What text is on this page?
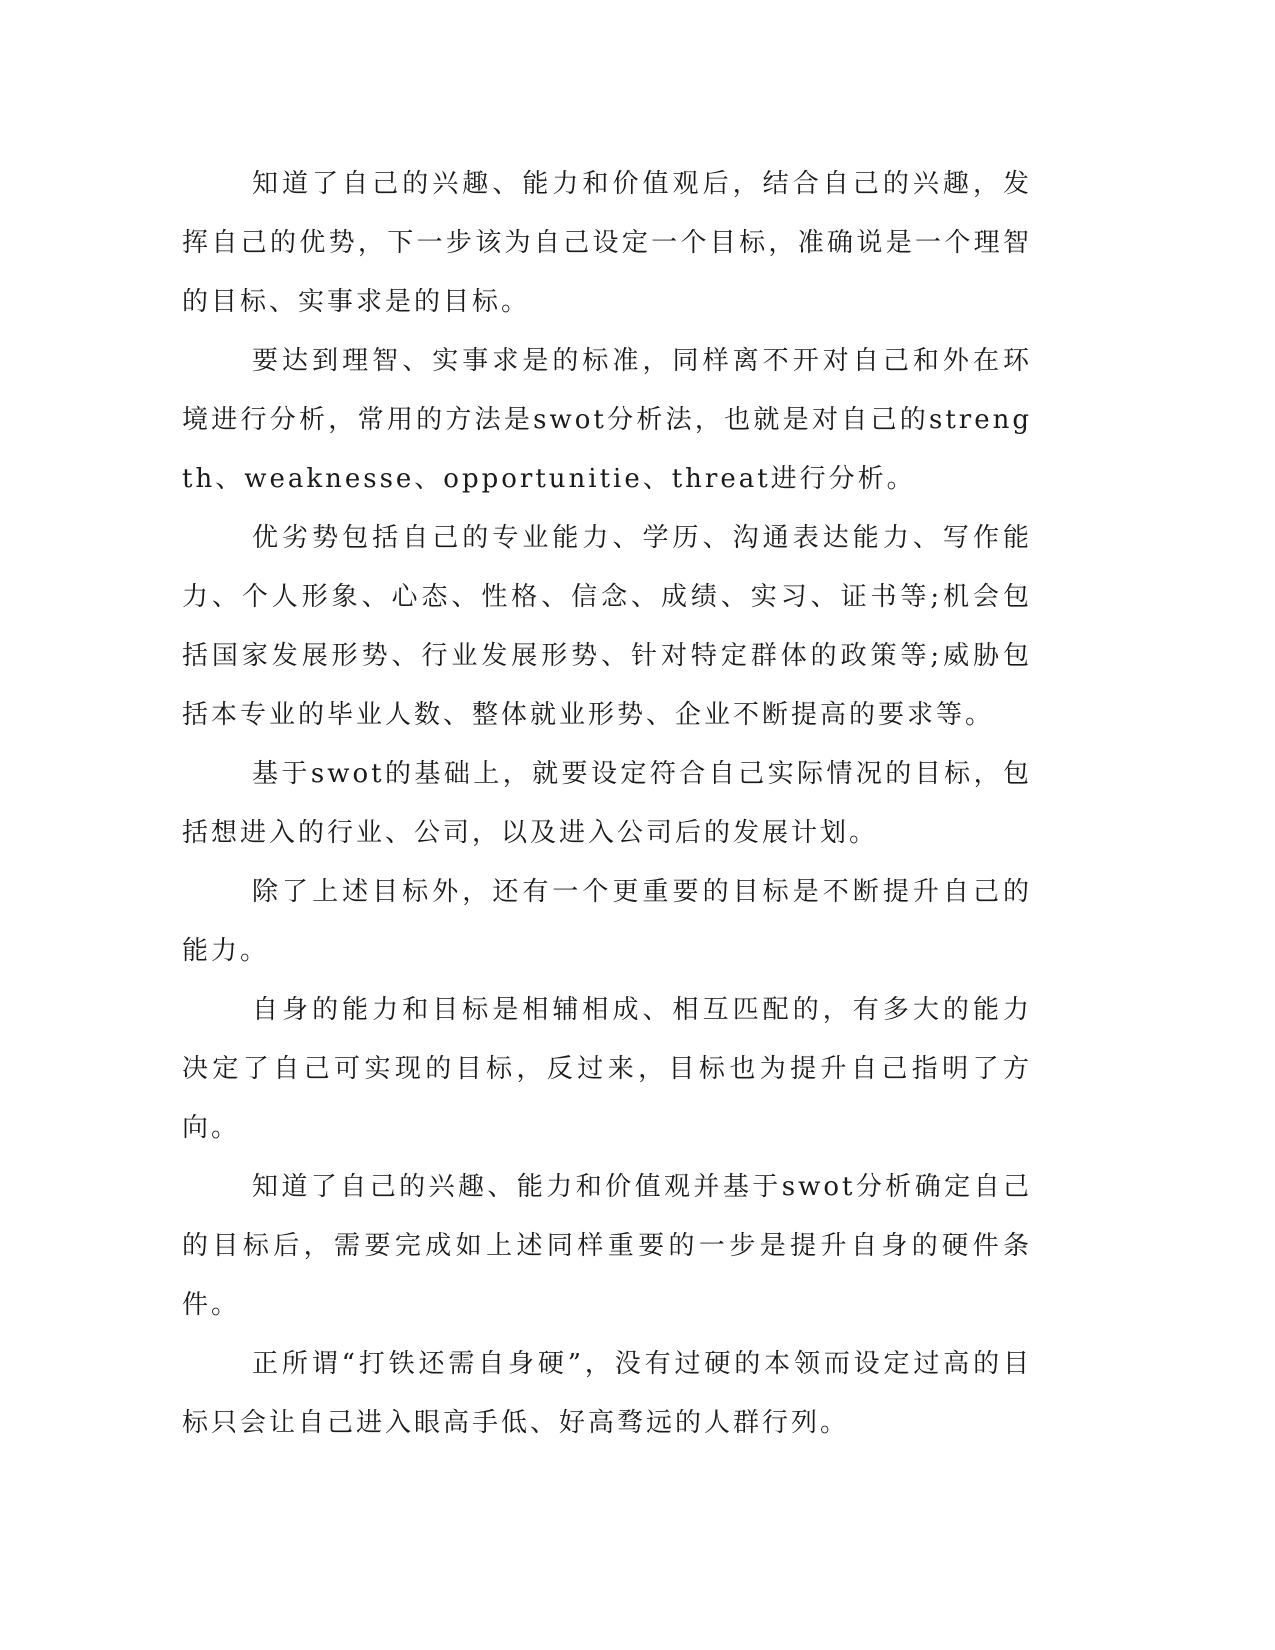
知道了自己的兴趣、能力和价值观后，结合自己的兴趣，发挥自己的优势，下一步该为自己设定一个目标，准确说是一个理智的目标、实事求是的目标。

要达到理智、实事求是的标准，同样离不开对自己和外在环境进行分析，常用的方法是swot分析法，也就是对自己的strength、weaknesse、opportunitie、threat进行分析。

优劣势包括自己的专业能力、学历、沟通表达能力、写作能力、个人形象、心态、性格、信念、成绩、实习、证书等;机会包括国家发展形势、行业发展形势、针对特定群体的政策等;威胁包括本专业的毕业人数、整体就业形势、企业不断提高的要求等。

基于swot的基础上，就要设定符合自己实际情况的目标，包括想进入的行业、公司，以及进入公司后的发展计划。

除了上述目标外，还有一个更重要的目标是不断提升自己的能力。

自身的能力和目标是相辅相成、相互匹配的，有多大的能力决定了自己可实现的目标，反过来，目标也为提升自己指明了方向。

知道了自己的兴趣、能力和价值观并基于swot分析确定自己的目标后，需要完成如上述同样重要的一步是提升自身的硬件条件。

正所谓“打铁还需自身硬”，没有过硬的本领而设定过高的目标只会让自己进入眼高手低、好高骛远的人群行列。
